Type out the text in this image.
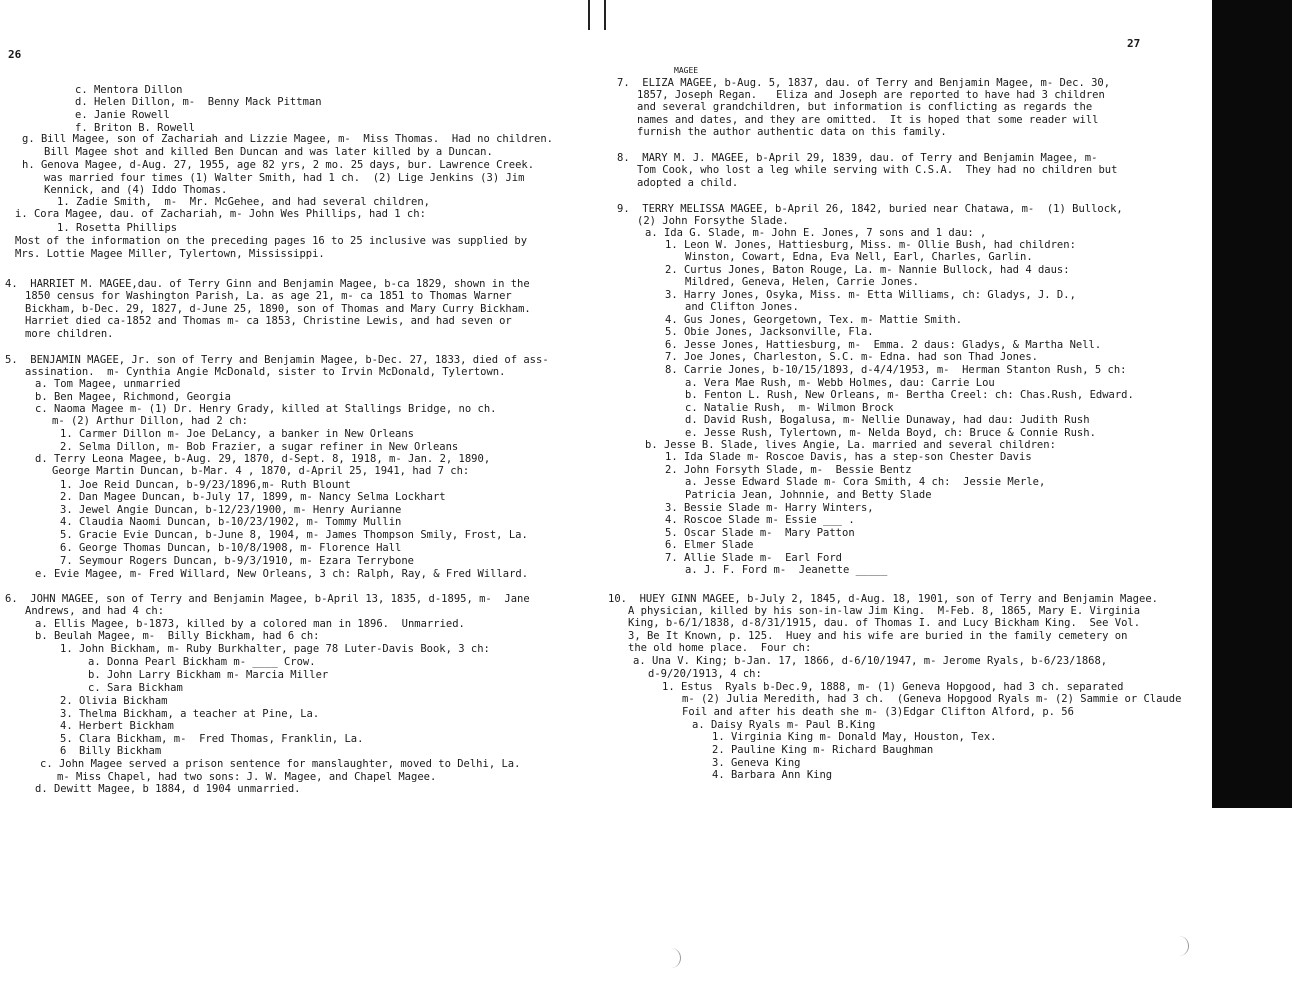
26
c. Mentora Dillon
d. Helen Dillon, m-  Benny Mack Pittman
e. Janie Rowell
f. Briton B. Rowell
g. Bill Magee, son of Zachariah and Lizzie Magee, m-  Miss Thomas.  Had no children.
Bill Magee shot and killed Ben Duncan and was later killed by a Duncan.
h. Genova Magee, d-Aug. 27, 1955, age 82 yrs, 2 mo. 25 days, bur. Lawrence Creek.
was married four times (1) Walter Smith, had 1 ch.  (2) Lige Jenkins (3) Jim
Kennick, and (4) Iddo Thomas.
1. Zadie Smith,  m-  Mr. McGehee, and had several children,
i. Cora Magee, dau. of Zachariah, m- John Wes Phillips, had 1 ch:
1. Rosetta Phillips
Most of the information on the preceding pages 16 to 25 inclusive was supplied by
Mrs. Lottie Magee Miller, Tylertown, Mississippi.
4.  HARRIET M. MAGEE,dau. of Terry Ginn and Benjamin Magee, b-ca 1829, shown in the
1850 census for Washington Parish, La. as age 21, m- ca 1851 to Thomas Warner
Bickham, b-Dec. 29, 1827, d-June 25, 1890, son of Thomas and Mary Curry Bickham.
Harriet died ca-1852 and Thomas m- ca 1853, Christine Lewis, and had seven or
more children.
5.  BENJAMIN MAGEE, Jr. son of Terry and Benjamin Magee, b-Dec. 27, 1833, died of ass-
assination.  m- Cynthia Angie McDonald, sister to Irvin McDonald, Tylertown.
a. Tom Magee, unmarried
b. Ben Magee, Richmond, Georgia
c. Naoma Magee m- (1) Dr. Henry Grady, killed at Stallings Bridge, no ch.
m- (2) Arthur Dillon, had 2 ch:
1. Carmer Dillon m- Joe DeLancy, a banker in New Orleans
2. Selma Dillon, m- Bob Frazier, a sugar refiner in New Orleans
d. Terry Leona Magee, b-Aug. 29, 1870, d-Sept. 8, 1918, m- Jan. 2, 1890,
George Martin Duncan, b-Mar. 4 , 1870, d-April 25, 1941, had 7 ch:
1. Joe Reid Duncan, b-9/23/1896,m- Ruth Blount
2. Dan Magee Duncan, b-July 17, 1899, m- Nancy Selma Lockhart
3. Jewel Angie Duncan, b-12/23/1900, m- Henry Aurianne
4. Claudia Naomi Duncan, b-10/23/1902, m- Tommy Mullin
5. Gracie Evie Duncan, b-June 8, 1904, m- James Thompson Smily, Frost, La.
6. George Thomas Duncan, b-10/8/1908, m- Florence Hall
7. Seymour Rogers Duncan, b-9/3/1910, m- Ezara Terrybone
e. Evie Magee, m- Fred Willard, New Orleans, 3 ch: Ralph, Ray, & Fred Willard.
6.  JOHN MAGEE, son of Terry and Benjamin Magee, b-April 13, 1835, d-1895, m-  Jane
Andrews, and had 4 ch:
a. Ellis Magee, b-1873, killed by a colored man in 1896.  Unmarried.
b. Beulah Magee, m-  Billy Bickham, had 6 ch:
1. John Bickham, m- Ruby Burkhalter, page 78 Luter-Davis Book, 3 ch:
a. Donna Pearl Bickham m- ____ Crow.
b. John Larry Bickham m- Marcia Miller
c. Sara Bickham
2. Olivia Bickham
3. Thelma Bickham, a teacher at Pine, La.
4. Herbert Bickham
5. Clara Bickham, m-  Fred Thomas, Franklin, La.
6  Billy Bickham
c. John Magee served a prison sentence for manslaughter, moved to Delhi, La.
m- Miss Chapel, had two sons: J. W. Magee, and Chapel Magee.
d. Dewitt Magee, b 1884, d 1904 unmarried.
27
MAGEE
7.  ELIZA MAGEE, b-Aug. 5, 1837, dau. of Terry and Benjamin Magee, m- Dec. 30,
1857, Joseph Regan.   Eliza and Joseph are reported to have had 3 children
and several grandchildren, but information is conflicting as regards the
names and dates, and they are omitted.  It is hoped that some reader will
furnish the author authentic data on this family.
8.  MARY M. J. MAGEE, b-April 29, 1839, dau. of Terry and Benjamin Magee, m-
Tom Cook, who lost a leg while serving with C.S.A.  They had no children but
adopted a child.
9.  TERRY MELISSA MAGEE, b-April 26, 1842, buried near Chatawa, m-  (1) Bullock,
(2) John Forsythe Slade.
a. Ida G. Slade, m- John E. Jones, 7 sons and 1 dau: ,
1. Leon W. Jones, Hattiesburg, Miss. m- Ollie Bush, had children:
Winston, Cowart, Edna, Eva Nell, Earl, Charles, Garlin.
2. Curtus Jones, Baton Rouge, La. m- Nannie Bullock, had 4 daus:
Mildred, Geneva, Helen, Carrie Jones.
3. Harry Jones, Osyka, Miss. m- Etta Williams, ch: Gladys, J. D.,
and Clifton Jones.
4. Gus Jones, Georgetown, Tex. m- Mattie Smith.
5. Obie Jones, Jacksonville, Fla.
6. Jesse Jones, Hattiesburg, m-  Emma. 2 daus: Gladys, & Martha Nell.
7. Joe Jones, Charleston, S.C. m- Edna. had son Thad Jones.
8. Carrie Jones, b-10/15/1893, d-4/4/1953, m-  Herman Stanton Rush, 5 ch:
a. Vera Mae Rush, m- Webb Holmes, dau: Carrie Lou
b. Fenton L. Rush, New Orleans, m- Bertha Creel: ch: Chas.Rush, Edward.
c. Natalie Rush,  m- Wilmon Brock
d. David Rush, Bogalusa, m- Nellie Dunaway, had dau: Judith Rush
e. Jesse Rush, Tylertown, m- Nelda Boyd, ch: Bruce & Connie Rush.
b. Jesse B. Slade, lives Angie, La. married and several children:
1. Ida Slade m- Roscoe Davis, has a step-son Chester Davis
2. John Forsyth Slade, m-  Bessie Bentz
a. Jesse Edward Slade m- Cora Smith, 4 ch:  Jessie Merle,
Patricia Jean, Johnnie, and Betty Slade
3. Bessie Slade m- Harry Winters,
4. Roscoe Slade m- Essie ___ .
5. Oscar Slade m-  Mary Patton
6. Elmer Slade
7. Allie Slade m-  Earl Ford
a. J. F. Ford m-  Jeanette _____
10.  HUEY GINN MAGEE, b-July 2, 1845, d-Aug. 18, 1901, son of Terry and Benjamin Magee.
A physician, killed by his son-in-law Jim King.  M-Feb. 8, 1865, Mary E. Virginia
King, b-6/1/1838, d-8/31/1915, dau. of Thomas I. and Lucy Bickham King.  See Vol.
3, Be It Known, p. 125.  Huey and his wife are buried in the family cemetery on
the old home place.  Four ch:
a. Una V. King; b-Jan. 17, 1866, d-6/10/1947, m- Jerome Ryals, b-6/23/1868,
d-9/20/1913, 4 ch:
1. Estus  Ryals b-Dec.9, 1888, m- (1) Geneva Hopgood, had 3 ch. separated
m- (2) Julia Meredith, had 3 ch.  (Geneva Hopgood Ryals m- (2) Sammie or Claude
Foil and after his death she m- (3)Edgar Clifton Alford, p. 56
a. Daisy Ryals m- Paul B.King
1. Virginia King m- Donald May, Houston, Tex.
2. Pauline King m- Richard Baughman
3. Geneva King
4. Barbara Ann King
